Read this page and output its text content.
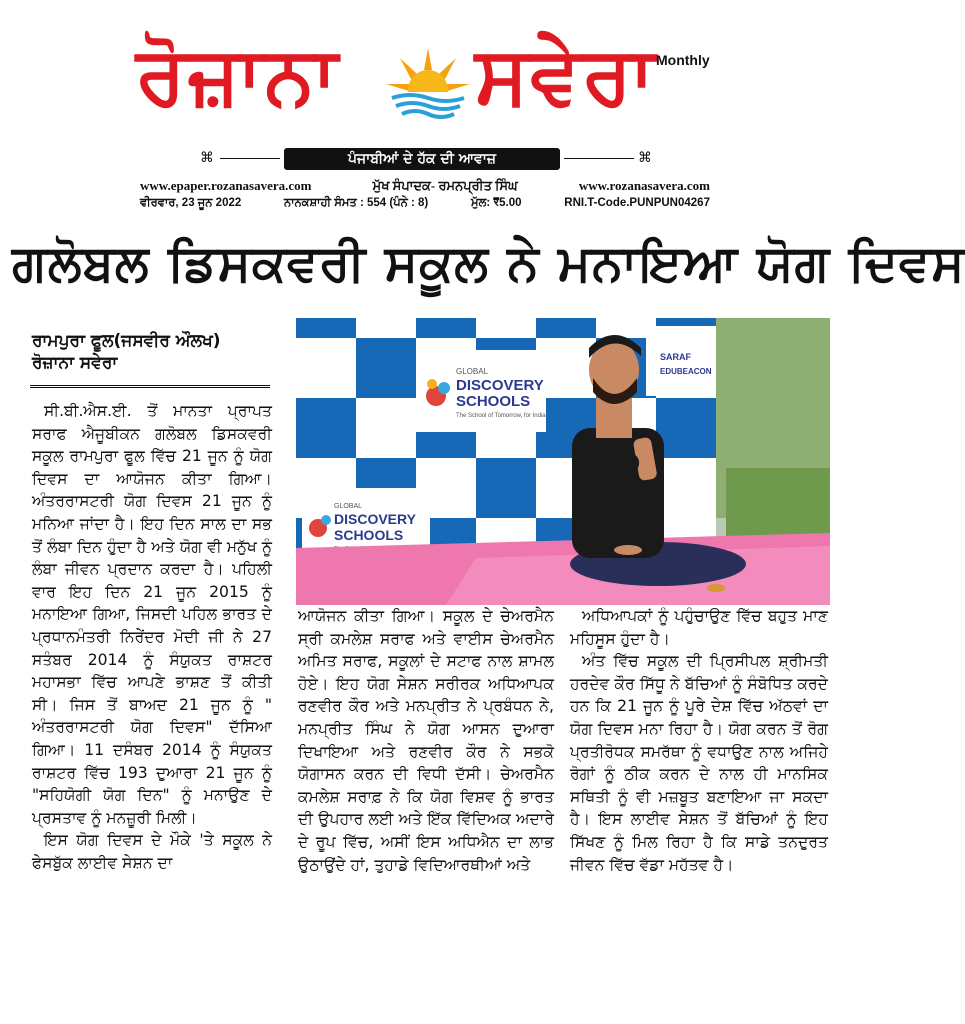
ਰੋਜ਼ਾਨਾ ਸਵੇਰਾ Monthly
⌘	ਪੰਜਾਬੀਆਂ ਦੇ ਹੱਕ ਦੀ ਆਵਾਜ਼	⌘
www.epaper.rozanasavera.com	ਮੁੱਖ ਸੰਪਾਦਕ- ਰਮਨਪ੍ਰੀਤ ਸਿੰਘ	www.rozanasavera.com
ਵੀਰਵਾਰ, 23 ਜੂਨ 2022	ਨਾਨਕਸ਼ਾਹੀ ਸੰਮਤ : 554 (ਪੰਨੇ : 8)	ਮੁੱਲ: ₹5.00	RNI.T-Code.PUNPUN04267
ਗਲੋਬਲ ਡਿਸਕਵਰੀ ਸਕੂਲ ਨੇ ਮਨਾਇਆ ਯੋਗ ਦਿਵਸ
ਰਾਮਪੁਰਾ ਫੂਲ(ਜਸਵੀਰ ਔਲਖ)
ਰੋਜ਼ਾਨਾ ਸਵੇਰਾ

ਸੀ.ਬੀ.ਐਸ.ਈ. ਤੋਂ ਮਾਨਤਾ ਪ੍ਰਾਪਤ ਸਰਾਫ ਐਜੂਬੀਕਨ ਗਲੋਬਲ ਡਿਸਕਵਰੀ ਸਕੂਲ ਰਾਮਪੁਰਾ ਫੂਲ ਵਿੱਚ 21 ਜੂਨ ਨੂੰ ਯੋਗ ਦਿਵਸ ਦਾ ਆਯੋਜਨ ਕੀਤਾ ਗਿਆ। ਅੰਤਰਰਾਸਟਰੀ ਯੋਗ ਦਿਵਸ 21 ਜੂਨ ਨੂੰ ਮਨਿਆ ਜਾਂਦਾ ਹੈ। ਇਹ ਦਿਨ ਸਾਲ ਦਾ ਸਭ ਤੋਂ ਲੰਬਾ ਦਿਨ ਹੁੰਦਾ ਹੈ ਅਤੇ ਯੋਗ ਵੀ ਮਨੁੱਖ ਨੂੰ ਲੰਬਾ ਜੀਵਨ ਪ੍ਰਦਾਨ ਕਰਦਾ ਹੈ। ਪਹਿਲੀ ਵਾਰ ਇਹ ਦਿਨ 21 ਜੂਨ 2015 ਨੂੰ ਮਨਾਇਆ ਗਿਆ, ਜਿਸਦੀ ਪਹਿਲ ਭਾਰਤ ਦੇ ਪ੍ਰਧਾਨਮੰਤਰੀ ਨਿਰੇਂਦਰ ਮੋਦੀ ਜੀ ਨੇ 27 ਸਤੰਬਰ 2014 ਨੂੰ ਸੰਯੁਕਤ ਰਾਸ਼ਟਰ ਮਹਾਸਭਾ ਵਿੱਚ ਆਪਣੇ ਭਾਸ਼ਣ ਤੋਂ ਕੀਤੀ ਸੀ। ਜਿਸ ਤੋਂ ਬਾਅਦ 21 ਜੂਨ ਨੂੰ " ਅੰਤਰਰਾਸਟਰੀ ਯੋਗ ਦਿਵਸ" ਦੱਸਿਆ ਗਿਆ। 11 ਦਸੰਬਰ 2014 ਨੂੰ ਸੰਯੁਕਤ ਰਾਸ਼ਟਰ ਵਿੱਚ 193 ਦੁਆਰਾ 21 ਜੂਨ ਨੂੰ "ਸਹਿਯੋਗੀ ਯੋਗ ਦਿਨ" ਨੂੰ ਮਨਾਉਣ ਦੇ ਪ੍ਰਸਤਾਵ ਨੂੰ ਮਨਜ਼ੂਰੀ ਮਿਲੀ।

ਇਸ ਯੋਗ ਦਿਵਸ ਦੇ ਮੌਕੇ 'ਤੇ ਸਕੂਲ ਨੇ ਫੇਸਬੁੱਕ ਲਾਈਵ ਸੇਸ਼ਨ ਦਾ

GLOBAL
DISCOVERY
SCHOOLS
The School of Tomorrow, for India
GLOBAL
DISCOVERY
SCHOOLS
SARAF
EDUBEACON

ਆਯੋਜਨ ਕੀਤਾ ਗਿਆ। ਸਕੂਲ ਦੇ ਚੇਅਰਮੈਨ ਸ੍ਰੀ ਕਮਲੇਸ਼ ਸਰਾਫ ਅਤੇ ਵਾਈਸ ਚੇਅਰਮੈਨ ਅਮਿਤ ਸਰਾਫ, ਸਕੂਲਾਂ ਦੇ ਸਟਾਫ ਨਾਲ ਸ਼ਾਮਲ ਹੋਏ। ਇਹ ਯੋਗ ਸੇਸ਼ਨ ਸਰੀਰਕ ਅਧਿਆਪਕ ਰਣਵੀਰ ਕੌਰ ਅਤੇ ਮਨਪ੍ਰੀਤ ਨੇ ਪ੍ਰਬੰਧਨ ਨੇ, ਮਨਪ੍ਰੀਤ ਸਿੰਘ ਨੇ ਯੋਗ ਆਸਨ ਦੁਆਰਾ ਦਿਖਾਇਆ ਅਤੇ ਰਣਵੀਰ ਕੌਰ ਨੇ ਸਭਕੋ ਯੋਗਾਸਨ ਕਰਨ ਦੀ ਵਿਧੀ ਦੱਸੀ। ਚੇਅਰਮੈਨ ਕਮਲੇਸ਼ ਸਰਾਫ਼ ਨੇ ਕਿ ਯੋਗ ਵਿਸ਼ਵ ਨੂੰ ਭਾਰਤ ਦੀ ਉਪਹਾਰ ਲਈ ਅਤੇ ਇੱਕ ਵਿੱਦਿਅਕ ਅਦਾਰੇ ਦੇ ਰੂਪ ਵਿੱਚ, ਅਸੀਂ ਇਸ ਅਧਿਐਨ ਦਾ ਲਾਭ ਉਠਾਉਂਦੇ ਹਾਂ, ਤੁਹਾਡੇ ਵਿਦਿਆਰਥੀਆਂ ਅਤੇ

ਅਧਿਆਪਕਾਂ ਨੂੰ ਪਹੁੰਚਾਉਣ ਵਿੱਚ ਬਹੁਤ ਮਾਣ ਮਹਿਸੂਸ ਹੁੰਦਾ ਹੈ।

ਅੰਤ ਵਿੱਚ ਸਕੂਲ ਦੀ ਪ੍ਰਿਸੀਪਲ ਸ਼੍ਰੀਮਤੀ ਹਰਦੇਵ ਕੌਰ ਸਿੱਧੂ ਨੇ ਬੱਚਿਆਂ ਨੂੰ ਸੰਬੋਧਿਤ ਕਰਦੇ ਹਨ ਕਿ 21 ਜੂਨ ਨੂੰ ਪੂਰੇ ਦੇਸ਼ ਵਿੱਚ ਅੱਠਵਾਂ ਦਾ ਯੋਗ ਦਿਵਸ ਮਨਾ ਰਿਹਾ ਹੈ। ਯੋਗ ਕਰਨ ਤੋਂ ਰੋਗ ਪ੍ਰਤੀਰੋਧਕ ਸਮਰੱਥਾ ਨੂੰ ਵਧਾਉਣ ਨਾਲ ਅਜਿਹੇ ਰੋਗਾਂ ਨੂੰ ਠੀਕ ਕਰਨ ਦੇ ਨਾਲ ਹੀ ਮਾਨਸਿਕ ਸਥਿਤੀ ਨੂੰ ਵੀ ਮਜ਼ਬੂਤ ਬਣਾਇਆ ਜਾ ਸਕਦਾ ਹੈ। ਇਸ ਲਾਈਵ ਸੇਸ਼ਨ ਤੋਂ ਬੱਚਿਆਂ ਨੂੰ ਇਹ ਸਿੱਖਣ ਨੂੰ ਮਿਲ ਰਿਹਾ ਹੈ ਕਿ ਸਾਡੇ ਤਨਦੁਰਤ ਜੀਵਨ ਵਿੱਚ ਵੱਡਾ ਮਹੱਤਵ ਹੈ।
